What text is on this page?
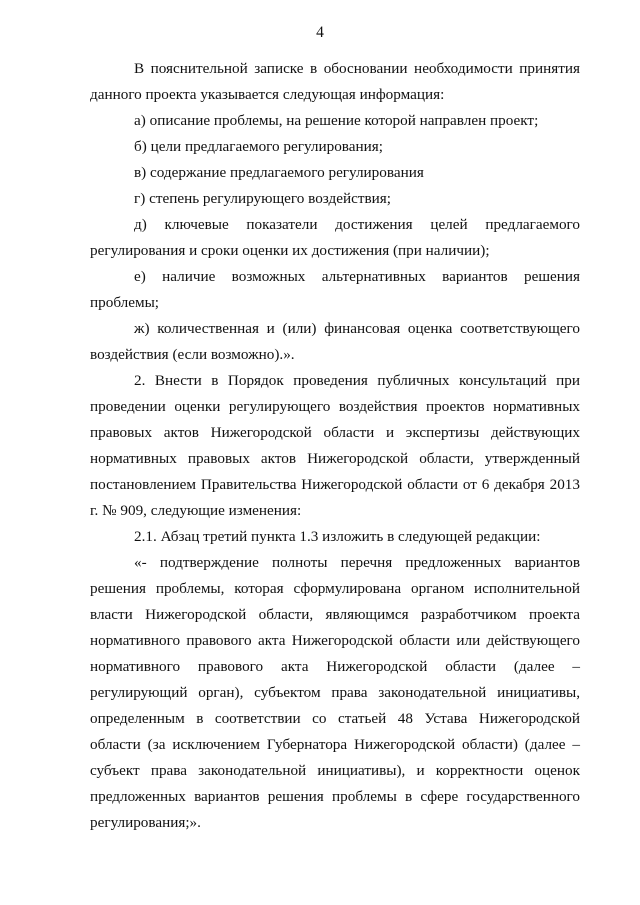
4

В пояснительной записке в обосновании необходимости принятия данного проекта указывается следующая информация:

а) описание проблемы, на решение которой направлен проект;

б) цели предлагаемого регулирования;

в) содержание предлагаемого регулирования

г) степень регулирующего воздействия;

д) ключевые показатели достижения целей предлагаемого регулирования и сроки оценки их достижения (при наличии);

е) наличие возможных альтернативных вариантов решения проблемы;

ж) количественная и (или) финансовая оценка соответствующего воздействия (если возможно).».

2. Внести в Порядок проведения публичных консультаций при проведении оценки регулирующего воздействия проектов нормативных правовых актов Нижегородской области и экспертизы действующих нормативных правовых актов Нижегородской области, утвержденный постановлением Правительства Нижегородской области от 6 декабря 2013 г. № 909, следующие изменения:

2.1. Абзац третий пункта 1.3 изложить в следующей редакции:

«- подтверждение полноты перечня предложенных вариантов решения проблемы, которая сформулирована органом исполнительной власти Нижегородской области, являющимся разработчиком проекта нормативного правового акта Нижегородской области или действующего нормативного правового акта Нижегородской области (далее – регулирующий орган), субъектом права законодательной инициативы, определенным в соответствии со статьей 48 Устава Нижегородской области (за исключением Губернатора Нижегородской области) (далее – субъект права законодательной инициативы), и корректности оценок предложенных вариантов решения проблемы в сфере государственного регулирования;».
